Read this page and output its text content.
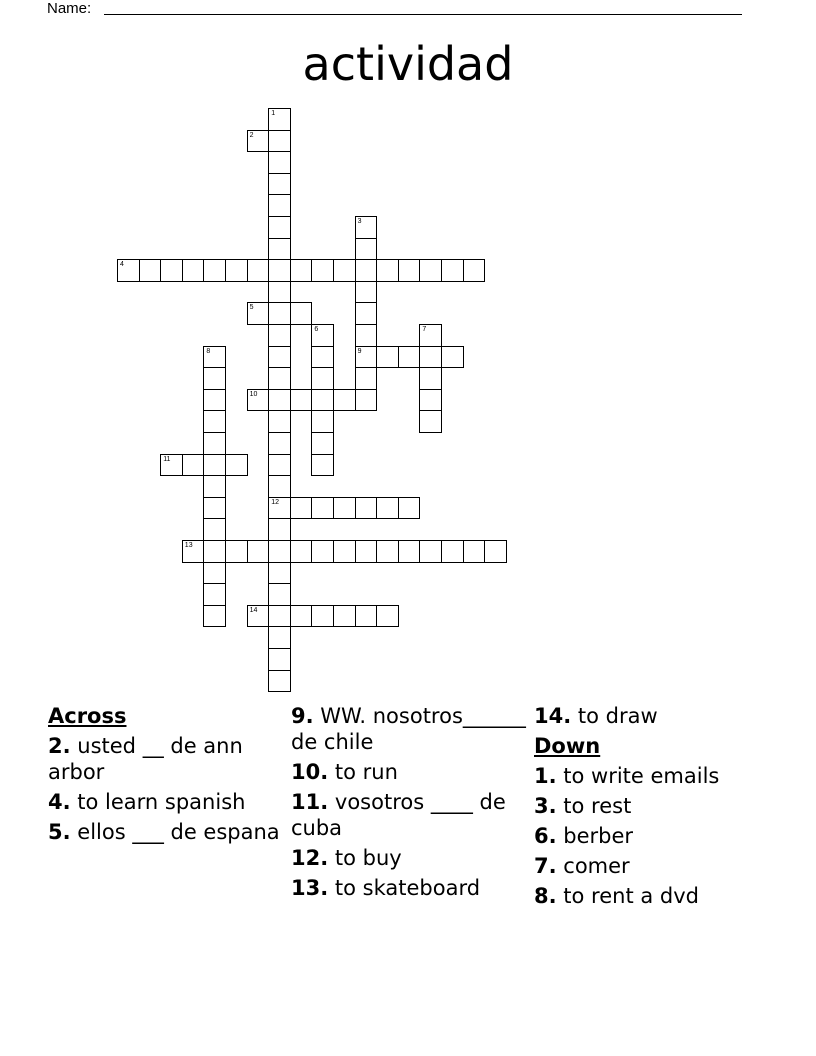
Name:
actividad
1
2
3
4
5
6	7
8	9
10
11
12
13
14
Across
2. usted __ de ann arbor
4. to learn spanish
5. ellos ___ de espana
9. WW. nosotros______ de chile
10. to run
11. vosotros ____ de cuba
12. to buy
13. to skateboard
14. to draw
Down
1. to write emails
3. to rest
6. berber
7. comer
8. to rent a dvd
